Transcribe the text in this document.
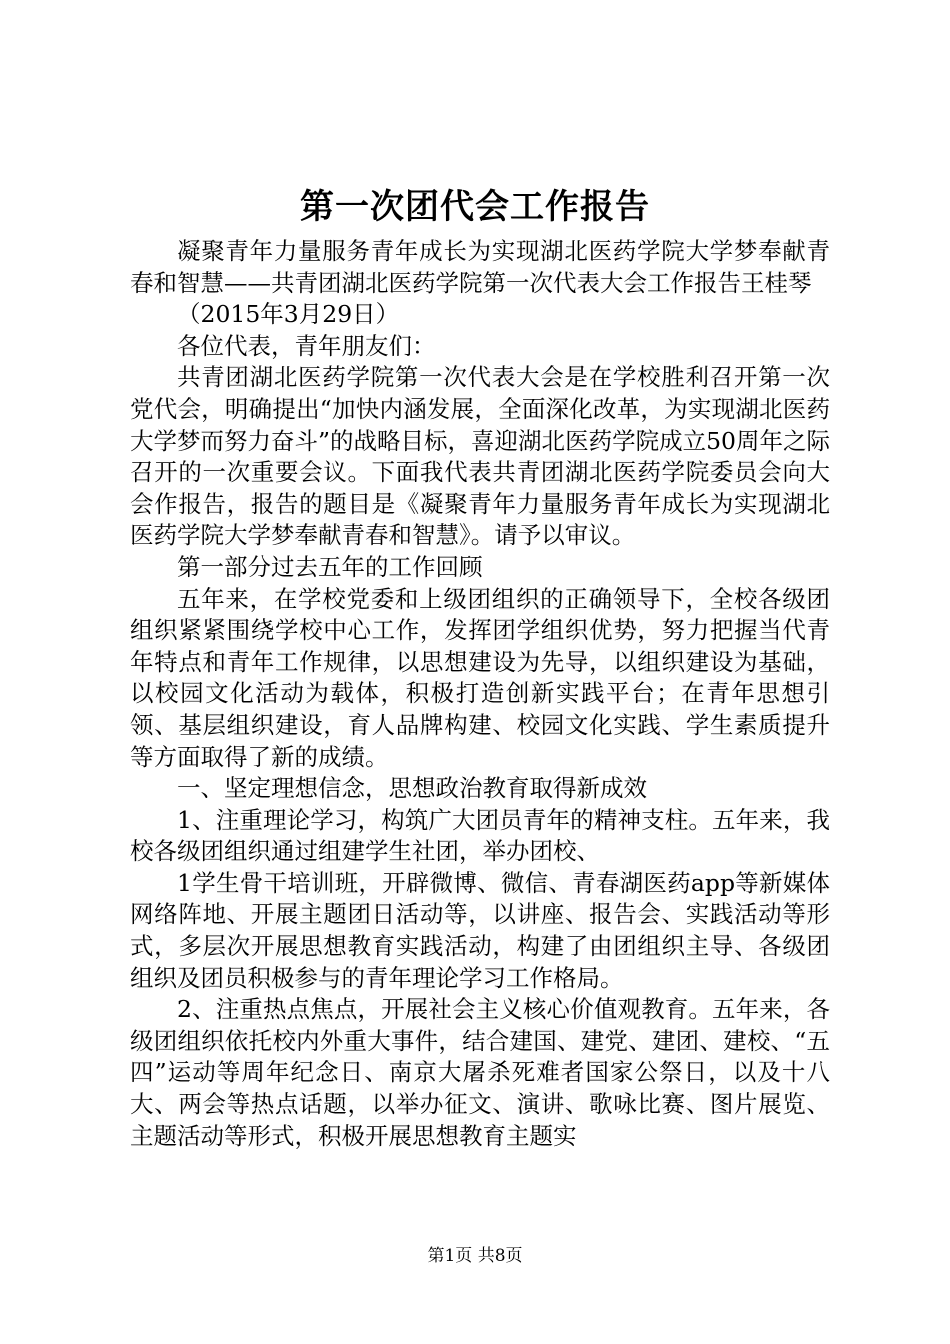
第一次团代会工作报告

凝聚青年力量服务青年成长为实现湖北医药学院大学梦奉献青春和智慧——共青团湖北医药学院第一次代表大会工作报告王桂琴

（2015年3月29日）

各位代表，青年朋友们：

共青团湖北医药学院第一次代表大会是在学校胜利召开第一次党代会，明确提出“加快内涵发展，全面深化改革，为实现湖北医药大学梦而努力奋斗”的战略目标，喜迎湖北医药学院成立50周年之际召开的一次重要会议。下面我代表共青团湖北医药学院委员会向大会作报告，报告的题目是《凝聚青年力量服务青年成长为实现湖北医药学院大学梦奉献青春和智慧》。请予以审议。

第一部分过去五年的工作回顾

五年来，在学校党委和上级团组织的正确领导下，全校各级团组织紧紧围绕学校中心工作，发挥团学组织优势，努力把握当代青年特点和青年工作规律，以思想建设为先导，以组织建设为基础，以校园文化活动为载体，积极打造创新实践平台；在青年思想引领、基层组织建设，育人品牌构建、校园文化实践、学生素质提升等方面取得了新的成绩。

一、坚定理想信念，思想政治教育取得新成效

1、注重理论学习，构筑广大团员青年的精神支柱。五年来，我校各级团组织通过组建学生社团，举办团校、

1学生骨干培训班，开辟微博、微信、青春湖医药app等新媒体网络阵地、开展主题团日活动等，以讲座、报告会、实践活动等形式，多层次开展思想教育实践活动，构建了由团组织主导、各级团组织及团员积极参与的青年理论学习工作格局。

2、注重热点焦点，开展社会主义核心价值观教育。五年来，各级团组织依托校内外重大事件，结合建国、建党、建团、建校、“五四”运动等周年纪念日、南京大屠杀死难者国家公祭日，以及十八大、两会等热点话题，以举办征文、演讲、歌咏比赛、图片展览、主题活动等形式，积极开展思想教育主题实

第1页 共8页
